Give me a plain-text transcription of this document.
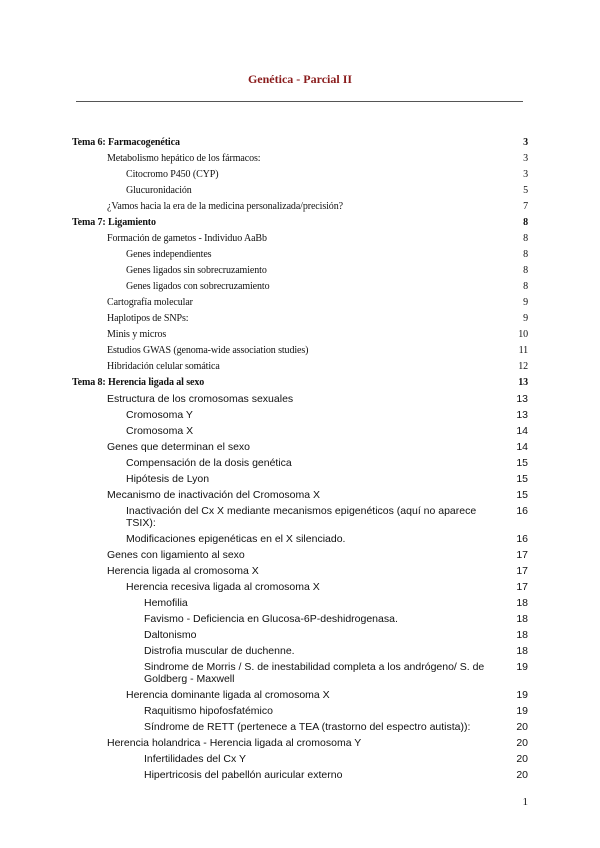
Genética - Parcial II
Tema 6: Farmacogenética	3
Metabolismo hepático de los fármacos:	3
Citocromo P450 (CYP)	3
Glucuronidación	5
¿Vamos hacia la era de la medicina personalizada/precisión?	7
Tema 7: Ligamiento	8
Formación de gametos - Individuo AaBb	8
Genes independientes	8
Genes ligados sin sobrecruzamiento	8
Genes ligados con sobrecruzamiento	8
Cartografía molecular	9
Haplotipos de SNPs:	9
Minis y micros	10
Estudios GWAS (genoma-wide association studies)	11
Hibridación celular somática	12
Tema 8: Herencia ligada al sexo	13
Estructura de los cromosomas sexuales	13
Cromosoma Y	13
Cromosoma X	14
Genes que determinan el sexo	14
Compensación de la dosis genética	15
Hipótesis de Lyon	15
Mecanismo de inactivación del Cromosoma X	15
Inactivación del Cx X mediante mecanismos epigenéticos (aquí no aparece TSIX):
16
Modificaciones epigenéticas en el X silenciado.	16
Genes con ligamiento al sexo	17
Herencia ligada al cromosoma X	17
Herencia recesiva ligada al cromosoma X	17
Hemofilia	18
Favismo - Deficiencia en Glucosa-6P-deshidrogenasa.	18
Daltonismo	18
Distrofia muscular de duchenne.	18
Sindrome de Morris / S. de inestabilidad completa a los andrógeno/ S. de Goldberg - Maxwell
19
Herencia dominante ligada al cromosoma X	19
Raquitismo hipofosfatémico	19
Síndrome de RETT (pertenece a TEA (trastorno del espectro autista)):	20
Herencia holandrica - Herencia ligada al cromosoma Y	20
Infertilidades del Cx Y	20
Hipertricosis del pabellón auricular externo	20
1
